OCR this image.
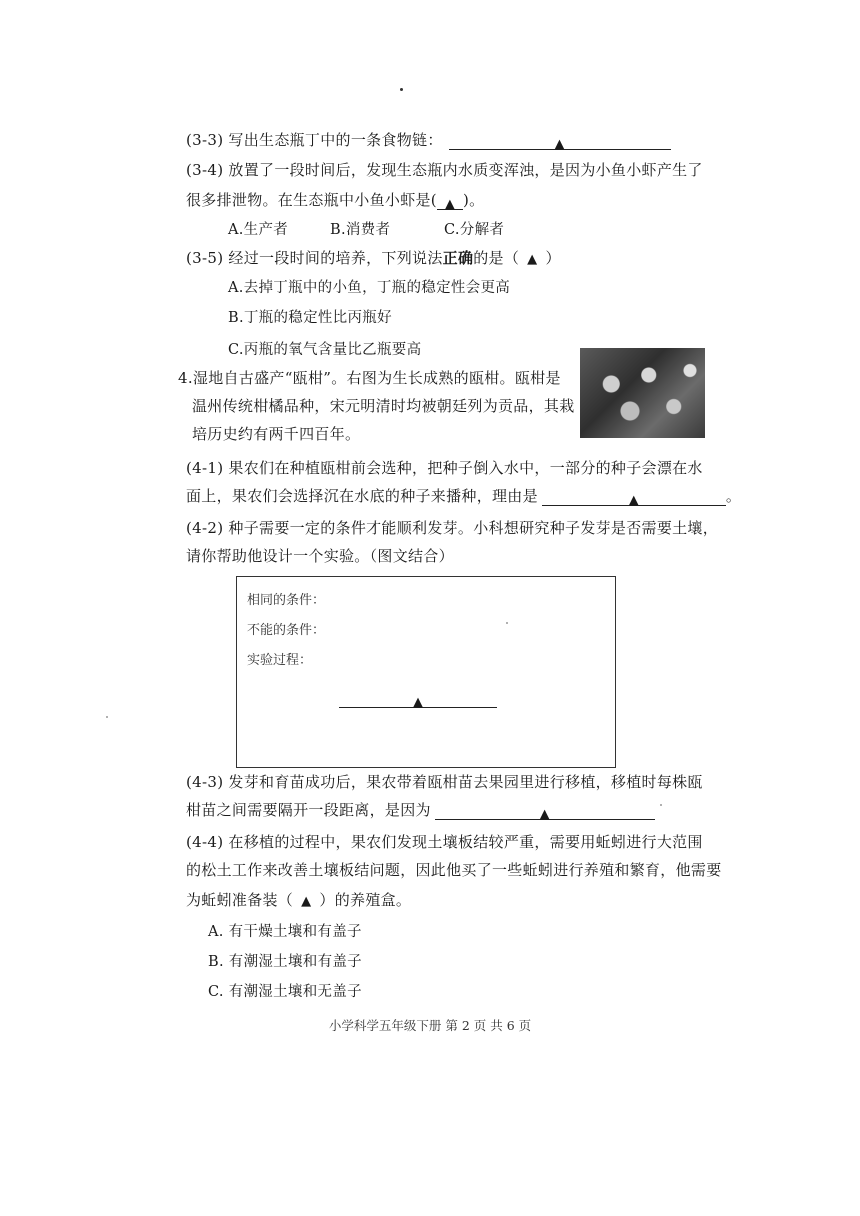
(3-3) 写出生态瓶丁中的一条食物链：	▲
(3-4) 放置了一段时间后，发现生态瓶内水质变浑浊，是因为小鱼小虾产生了
很多排泄物。在生态瓶中小鱼小虾是( ▲ )。
A.生产者	B.消费者	C.分解者
(3-5) 经过一段时间的培养，下列说法正确的是（ ▲ ）
A.去掉丁瓶中的小鱼，丁瓶的稳定性会更高
B.丁瓶的稳定性比丙瓶好
C.丙瓶的氧气含量比乙瓶要高
4.湿地自古盛产“瓯柑”。右图为生长成熟的瓯柑。瓯柑是
温州传统柑橘品种，宋元明清时均被朝廷列为贡品，其栽
培历史约有两千四百年。
(4-1) 果农们在种植瓯柑前会选种，把种子倒入水中，一部分的种子会漂在水
面上，果农们会选择沉在水底的种子来播种，理由是	▲	。
(4-2) 种子需要一定的条件才能顺利发芽。小科想研究种子发芽是否需要土壤，
请你帮助他设计一个实验。（图文结合）
相同的条件：
不能的条件：
实验过程：
▲
(4-3) 发芽和育苗成功后，果农带着瓯柑苗去果园里进行移植，移植时每株瓯
柑苗之间需要隔开一段距离，是因为	▲
(4-4) 在移植的过程中，果农们发现土壤板结较严重，需要用蚯蚓进行大范围
的松土工作来改善土壤板结问题，因此他买了一些蚯蚓进行养殖和繁育，他需要
为蚯蚓准备装（ ▲ ）的养殖盒。
A. 有干燥土壤和有盖子
B. 有潮湿土壤和有盖子
C. 有潮湿土壤和无盖子
小学科学五年级下册 第 2 页 共 6 页
